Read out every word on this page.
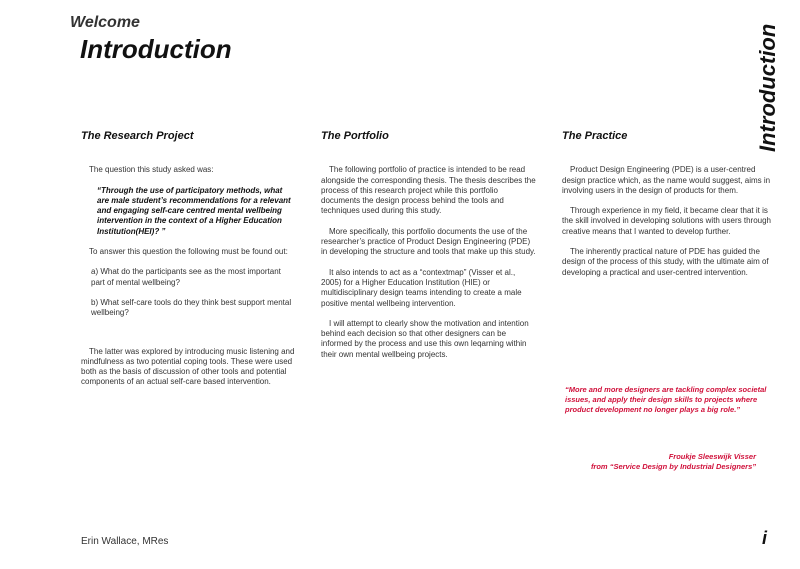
Welcome
Introduction	Introduction
The Research Project

The question this study asked was:

“Through the use of participatory methods, what are male student’s recommendations for a relevant and engaging self-care centred mental wellbeing intervention in the context of a Higher Education Institution(HEI)? ”

To answer this question the following must be found out:

a) What do the participants see as the most important part of mental wellbeing?

b) What self-care tools do they think best support mental wellbeing?

The latter was explored by introducing music listening and mindfulness as two potential coping tools. These were used both as the basis of discussion of other tools and potential components of an actual self-care based intervention.

The Portfolio

The following portfolio of practice is intended to be read alongside the corresponding thesis. The thesis describes the process of this research project while this portfolio documents the design process behind the tools and techniques used during this study.

More specifically, this portfolio documents the use of the researcher’s practice of Product Design Engineering (PDE) in developing the structure and tools that make up this study.

It also intends to act as a “contextmap” (Visser et al., 2005) for a Higher Education Institution (HIE) or multidisciplinary design teams intending to create a male positive mental wellbeing intervention.

I will attempt to clearly show the motivation and intention behind each decision so that other designers can be informed by the process and use this own leqarning within their own mental wellbeing projects.

The Practice

Product Design Engineering (PDE) is a user-centred design practice which, as the name would suggest, aims in involving users in the design of products for them.

Through experience in my field, it became clear that it is the skill involved in developing solutions with users through creative means that I wanted to develop further.

The inherently practical nature of PDE has guided the design of the process of this study, with the ultimate aim of developing a practical and user-centred intervention.

“More and more designers are tackling complex societal issues, and apply their design skills to projects where product development no longer plays a big role.”
Froukje Sleeswijk Visser
from “Service Design by Industrial Designers”
Erin Wallace, MRes	i
